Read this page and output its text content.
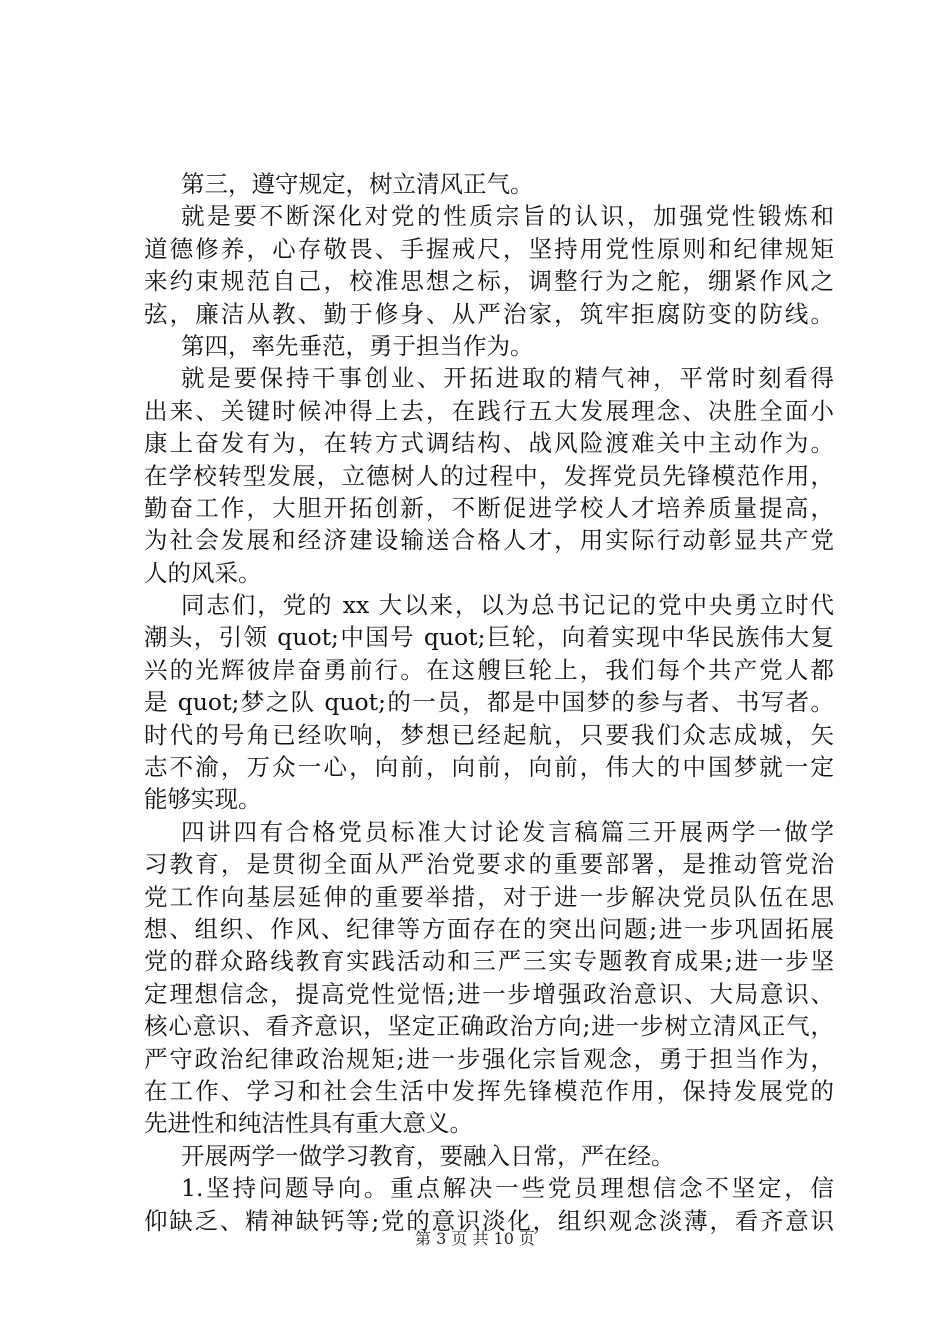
第三，遵守规定，树立清风正气。
就是要不断深化对党的性质宗旨的认识，加强党性锻炼和
道德修养，心存敬畏、手握戒尺，坚持用党性原则和纪律规矩
来约束规范自己，校准思想之标，调整行为之舵，绷紧作风之
弦，廉洁从教、勤于修身、从严治家，筑牢拒腐防变的防线。
第四，率先垂范，勇于担当作为。
就是要保持干事创业、开拓进取的精气神，平常时刻看得
出来、关键时候冲得上去，在践行五大发展理念、决胜全面小
康上奋发有为，在转方式调结构、战风险渡难关中主动作为。
在学校转型发展，立德树人的过程中，发挥党员先锋模范作用，
勤奋工作，大胆开拓创新，不断促进学校人才培养质量提高，
为社会发展和经济建设输送合格人才，用实际行动彰显共产党
人的风采。
同志们，党的 xx 大以来，以为总书记记的党中央勇立时代
潮头，引领 quot;中国号 quot;巨轮，向着实现中华民族伟大复
兴的光辉彼岸奋勇前行。在这艘巨轮上，我们每个共产党人都
是 quot;梦之队 quot;的一员，都是中国梦的参与者、书写者。
时代的号角已经吹响，梦想已经起航，只要我们众志成城，矢
志不渝，万众一心，向前，向前，向前，伟大的中国梦就一定
能够实现。
四讲四有合格党员标准大讨论发言稿篇三开展两学一做学
习教育，是贯彻全面从严治党要求的重要部署，是推动管党治
党工作向基层延伸的重要举措，对于进一步解决党员队伍在思
想、组织、作风、纪律等方面存在的突出问题;进一步巩固拓展
党的群众路线教育实践活动和三严三实专题教育成果;进一步坚
定理想信念，提高党性觉悟;进一步增强政治意识、大局意识、
核心意识、看齐意识，坚定正确政治方向;进一步树立清风正气，
严守政治纪律政治规矩;进一步强化宗旨观念，勇于担当作为，
在工作、学习和社会生活中发挥先锋模范作用，保持发展党的
先进性和纯洁性具有重大意义。
开展两学一做学习教育，要融入日常，严在经。
1.坚持问题导向。重点解决一些党员理想信念不坚定，信
仰缺乏、精神缺钙等;党的意识淡化，组织观念淡薄，看齐意识
第 3 页 共 10 页
